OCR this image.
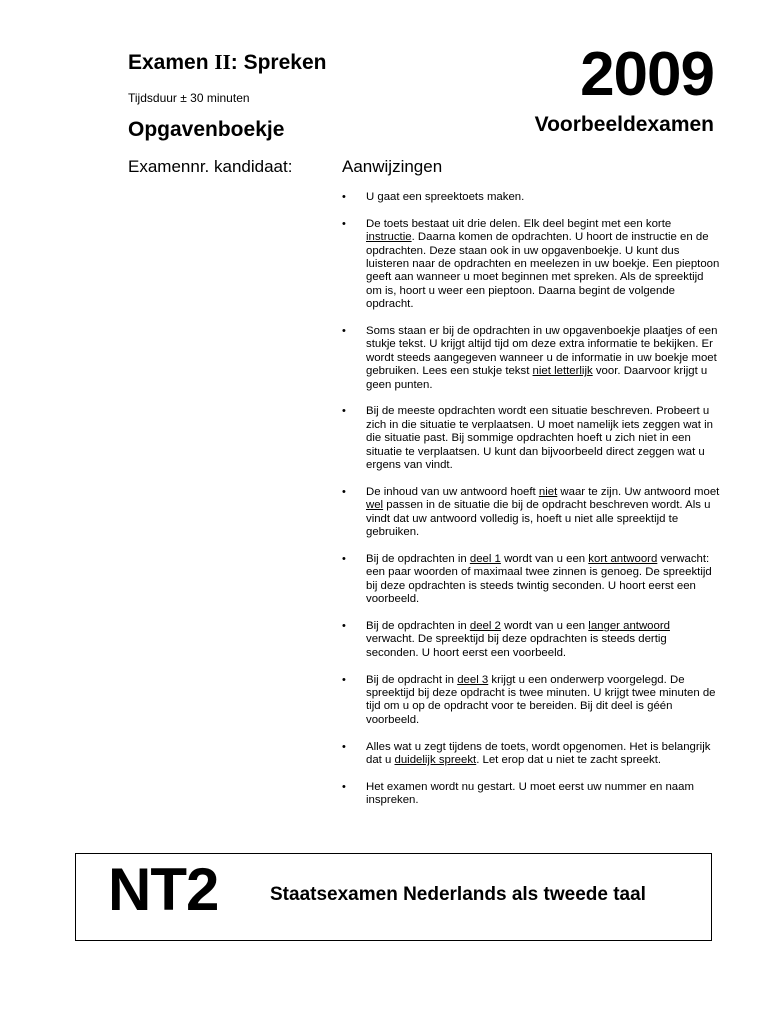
Examen II: Spreken
Tijdsduur ± 30 minuten
Opgavenboekje
2009
Voorbeeldexamen
Examennr. kandidaat:	Aanwijzingen
• U gaat een spreektoets maken.
• De toets bestaat uit drie delen. Elk deel begint met een korte instructie. Daarna komen de opdrachten. U hoort de instructie en de opdrachten. Deze staan ook in uw opgavenboekje. U kunt dus luisteren naar de opdrachten en meelezen in uw boekje. Een pieptoon geeft aan wanneer u moet beginnen met spreken. Als de spreektijd om is, hoort u weer een pieptoon. Daarna begint de volgende opdracht.
• Soms staan er bij de opdrachten in uw opgavenboekje plaatjes of een stukje tekst. U krijgt altijd tijd om deze extra informatie te bekijken. Er wordt steeds aangegeven wanneer u de informatie in uw boekje moet gebruiken. Lees een stukje tekst niet letterlijk voor. Daarvoor krijgt u geen punten.
• Bij de meeste opdrachten wordt een situatie beschreven. Probeert u zich in die situatie te verplaatsen. U moet namelijk iets zeggen wat in die situatie past. Bij sommige opdrachten hoeft u zich niet in een situatie te verplaatsen. U kunt dan bijvoorbeeld direct zeggen wat u ergens van vindt.
• De inhoud van uw antwoord hoeft niet waar te zijn. Uw antwoord moet wel passen in de situatie die bij de opdracht beschreven wordt. Als u vindt dat uw antwoord volledig is, hoeft u niet alle spreektijd te gebruiken.
• Bij de opdrachten in deel 1 wordt van u een kort antwoord verwacht: een paar woorden of maximaal twee zinnen is genoeg. De spreektijd bij deze opdrachten is steeds twintig seconden. U hoort eerst een voorbeeld.
• Bij de opdrachten in deel 2 wordt van u een langer antwoord verwacht. De spreektijd bij deze opdrachten is steeds dertig seconden. U hoort eerst een voorbeeld.
• Bij de opdracht in deel 3 krijgt u een onderwerp voorgelegd. De spreektijd bij deze opdracht is twee minuten. U krijgt twee minuten de tijd om u op de opdracht voor te bereiden. Bij dit deel is géén voorbeeld.
• Alles wat u zegt tijdens de toets, wordt opgenomen. Het is belangrijk dat u duidelijk spreekt. Let erop dat u niet te zacht spreekt.
• Het examen wordt nu gestart. U moet eerst uw nummer en naam inspreken.
NT2	Staatsexamen Nederlands als tweede taal
